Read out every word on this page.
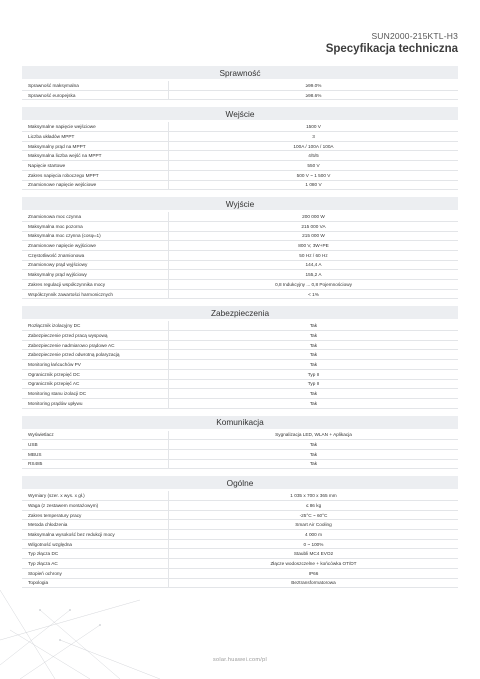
SUN2000-215KTL-H3
Specyfikacja techniczna
Sprawność
Sprawność maksymalna	≥99.0%
Sprawność europejska	≥98.6%
Wejście
Maksymalne napięcie wejściowe	1500 V
Liczba układów MPPT	3
Maksymalny prąd na MPPT	100A / 100A / 100A
Maksymalna liczba wejść na MPPT	4/5/5
Napięcie startowe	550 V
Zakres napięcia roboczego MPPT	500 V ~ 1 500 V
Znamionowe napięcie wejściowe	1 080 V
Wyjście
Znamionowa moc czynna	200 000 W
Maksymalna moc pozorna	215 000 VA
Maksymalna moc czynna (cosφ=1)	215 000 W
Znamionowe napięcie wyjściowe	800 V, 3W+PE
Częstotliwość znamionowa	50 Hz / 60 Hz
Znamionowy prąd wyjściowy	144,4 A
Maksymalny prąd wyjściowy	155,2 A
Zakres regulacji współczynnika mocy	0,8 Indukcyjny ... 0,8 Pojemnościowy
Współczynnik zawartości harmonicznych	< 1%
Zabezpieczenia
Rozłącznik izolacyjny DC	Tak
Zabezpieczenie przed pracą wyspową	Tak
Zabezpieczenie nadmiarowo prądowe AC	Tak
Zabezpieczenie przed odwrotną polaryzacją	Tak
Monitoring łańcuchów PV	Tak
Ogranicznik przepięć DC	Typ II
Ogranicznik przepięć AC	Typ II
Monitoring stanu izolacji DC	Tak
Monitoring prądów upływu	Tak
Komunikacja
Wyświetlacz	Sygnalizacja LED, WLAN + Aplikacja
USB	Tak
MBUS	Tak
RS485	Tak
Ogólne
Wymiary (szer. x wys. x gł.)	1 035 x 700 x 365 mm
Waga (z zestawem montażowym)	≤ 86 kg
Zakres temperatury pracy	-25°C ~ 60°C
Metoda chłodzenia	Smart Air Cooling
Maksymalna wysokość bez redukcji mocy	4 000 m
Wilgotność względna	0 ~ 100%
Typ złącza DC	Staubli MC4 EVO2
Typ złącza AC	Złącze wodoszczelne + końcówka OT/DT
Stopień ochrony	IP66
Topologia	Beztransformatorowa
solar.huawei.com/pl
